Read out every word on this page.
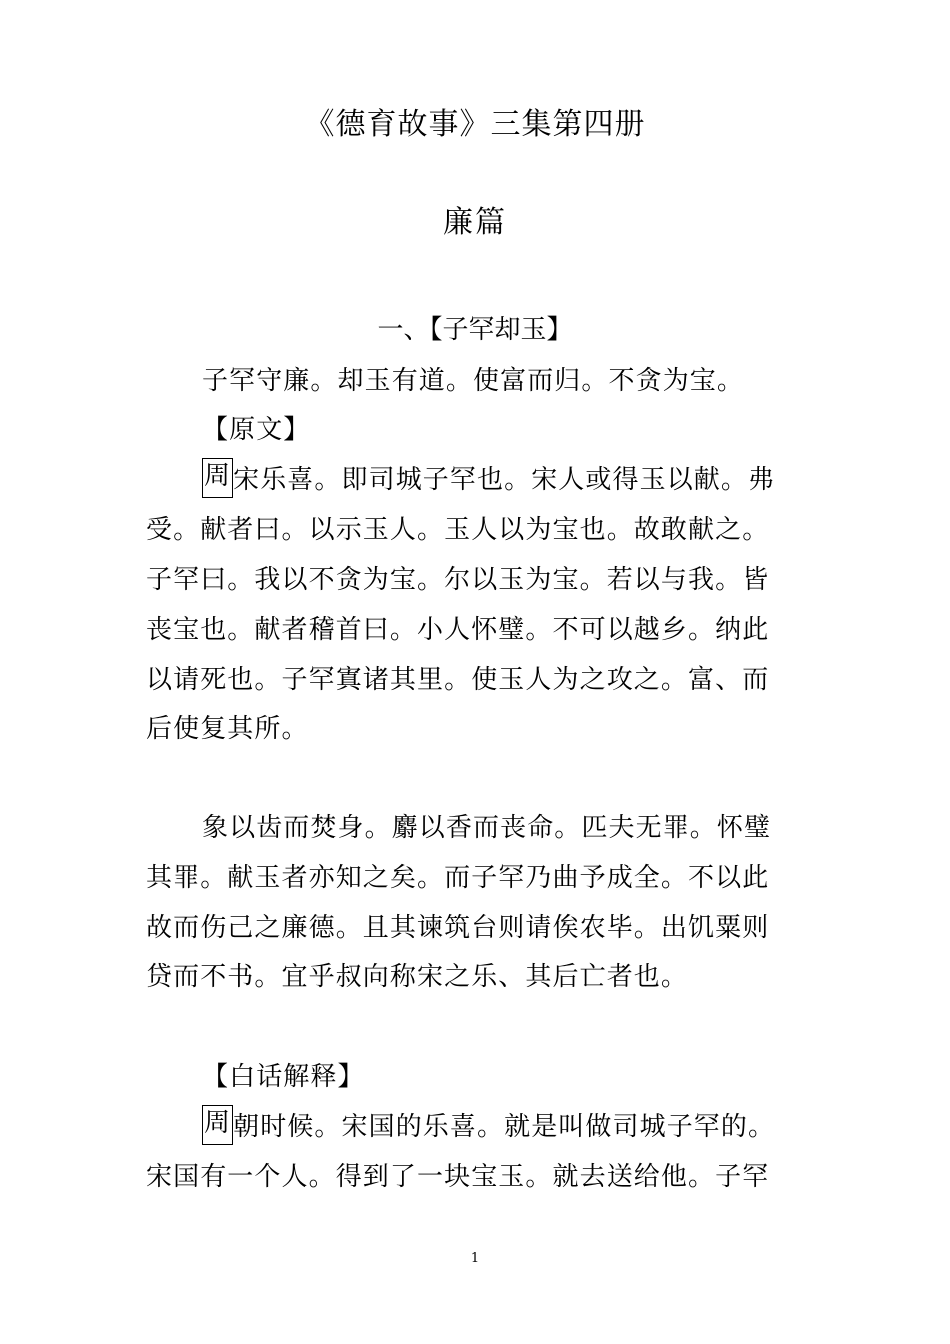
《德育故事》三集第四册
廉篇
一、【子罕却玉】
子罕守廉。却玉有道。使富而归。不贪为宝。
【原文】
周宋乐喜。即司城子罕也。宋人或得玉以献。弗
受。献者曰。以示玉人。玉人以为宝也。故敢献之。
子罕曰。我以不贪为宝。尔以玉为宝。若以与我。皆
丧宝也。献者稽首曰。小人怀璧。不可以越乡。纳此
以请死也。子罕寘诸其里。使玉人为之攻之。富、而
后使复其所。
象以齿而焚身。麝以香而丧命。匹夫无罪。怀璧
其罪。献玉者亦知之矣。而子罕乃曲予成全。不以此
故而伤己之廉德。且其谏筑台则请俟农毕。出饥粟则
贷而不书。宜乎叔向称宋之乐、其后亡者也。
【白话解释】
周朝时候。宋国的乐喜。就是叫做司城子罕的。
宋国有一个人。得到了一块宝玉。就去送给他。子罕
1
